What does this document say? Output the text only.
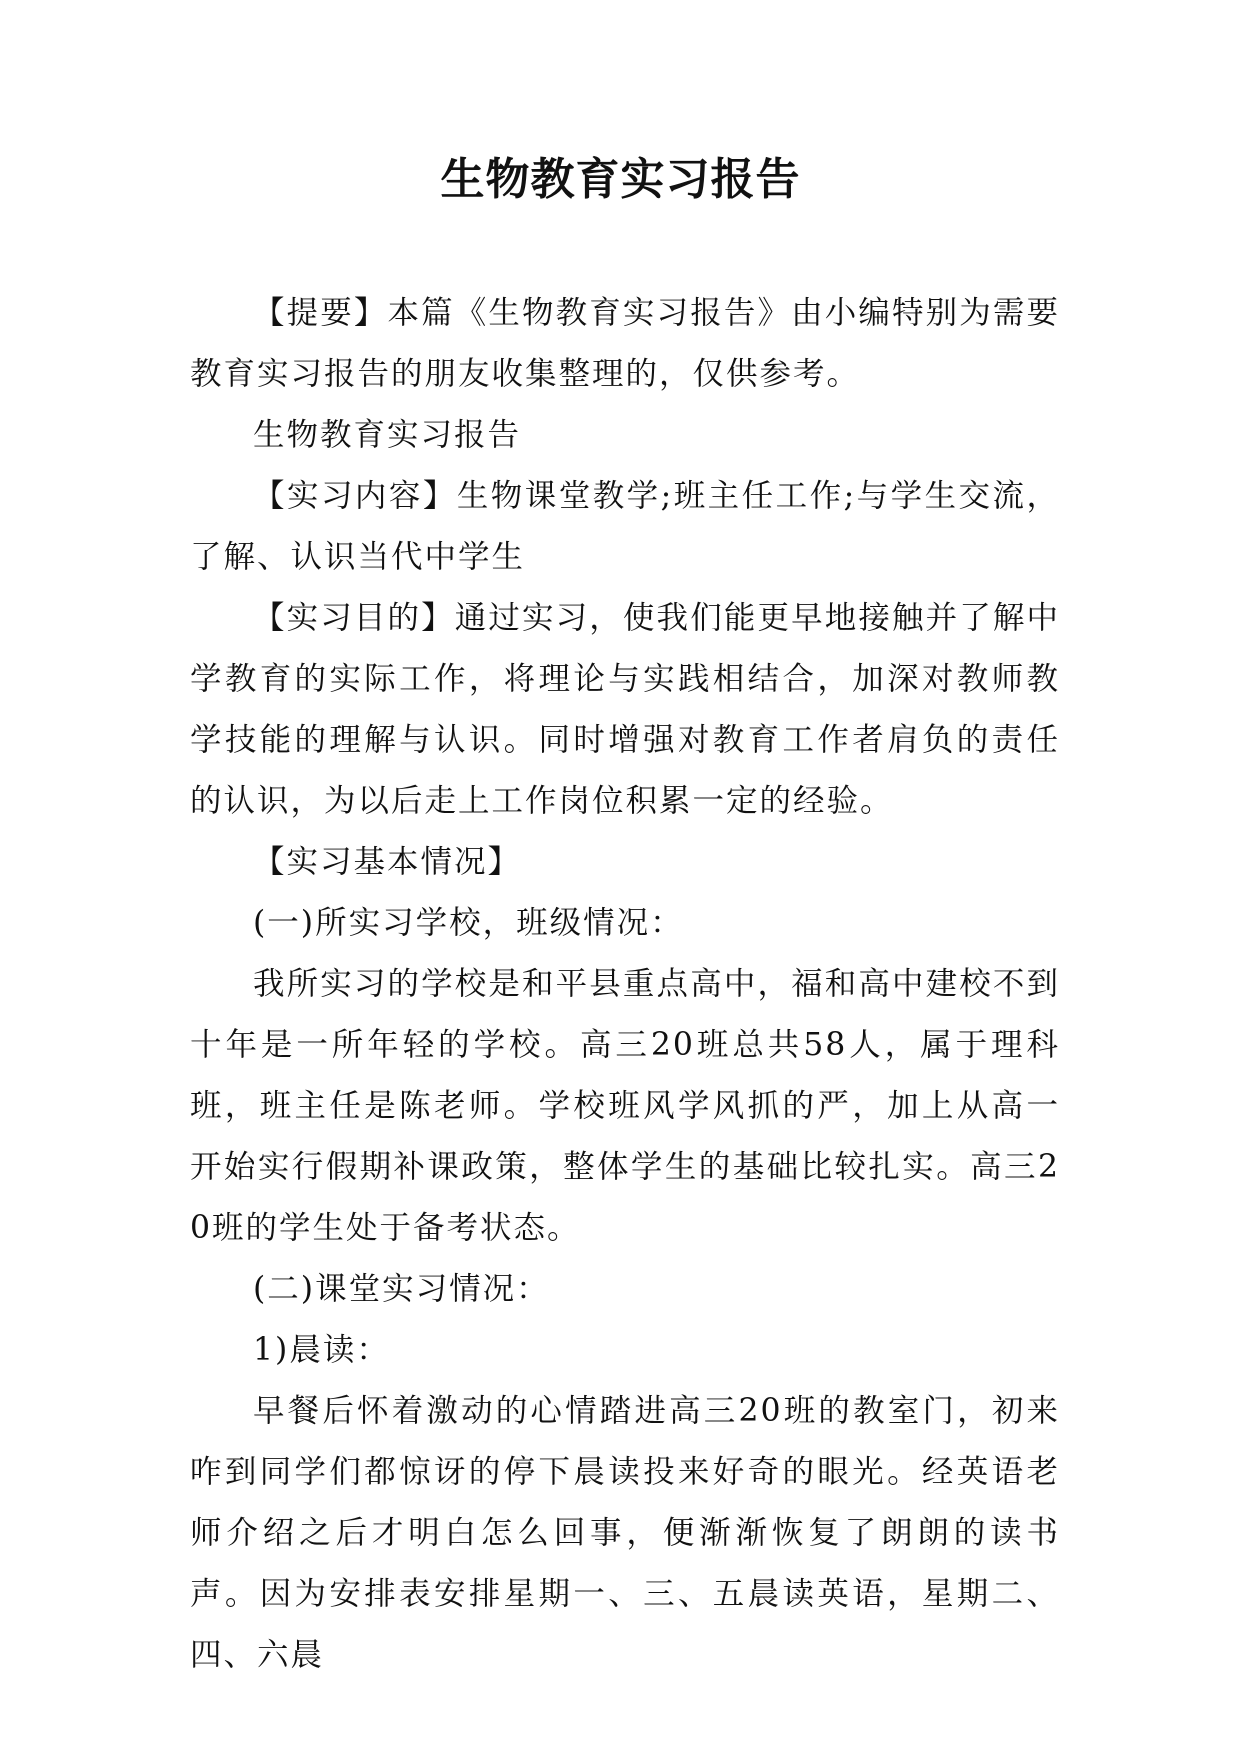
生物教育实习报告

【提要】本篇《生物教育实习报告》由小编特别为需要教育实习报告的朋友收集整理的，仅供参考。

生物教育实习报告

【实习内容】生物课堂教学;班主任工作;与学生交流，了解、认识当代中学生

【实习目的】通过实习，使我们能更早地接触并了解中学教育的实际工作，将理论与实践相结合，加深对教师教学技能的理解与认识。同时增强对教育工作者肩负的责任的认识，为以后走上工作岗位积累一定的经验。

【实习基本情况】

(一)所实习学校，班级情况：

我所实习的学校是和平县重点高中，福和高中建校不到十年是一所年轻的学校。高三20班总共58人，属于理科班，班主任是陈老师。学校班风学风抓的严，加上从高一开始实行假期补课政策，整体学生的基础比较扎实。高三20班的学生处于备考状态。

(二)课堂实习情况：

1)晨读：

早餐后怀着激动的心情踏进高三20班的教室门，初来咋到同学们都惊讶的停下晨读投来好奇的眼光。经英语老师介绍之后才明白怎么回事，便渐渐恢复了朗朗的读书声。因为安排表安排星期一、三、五晨读英语，星期二、四、六晨
